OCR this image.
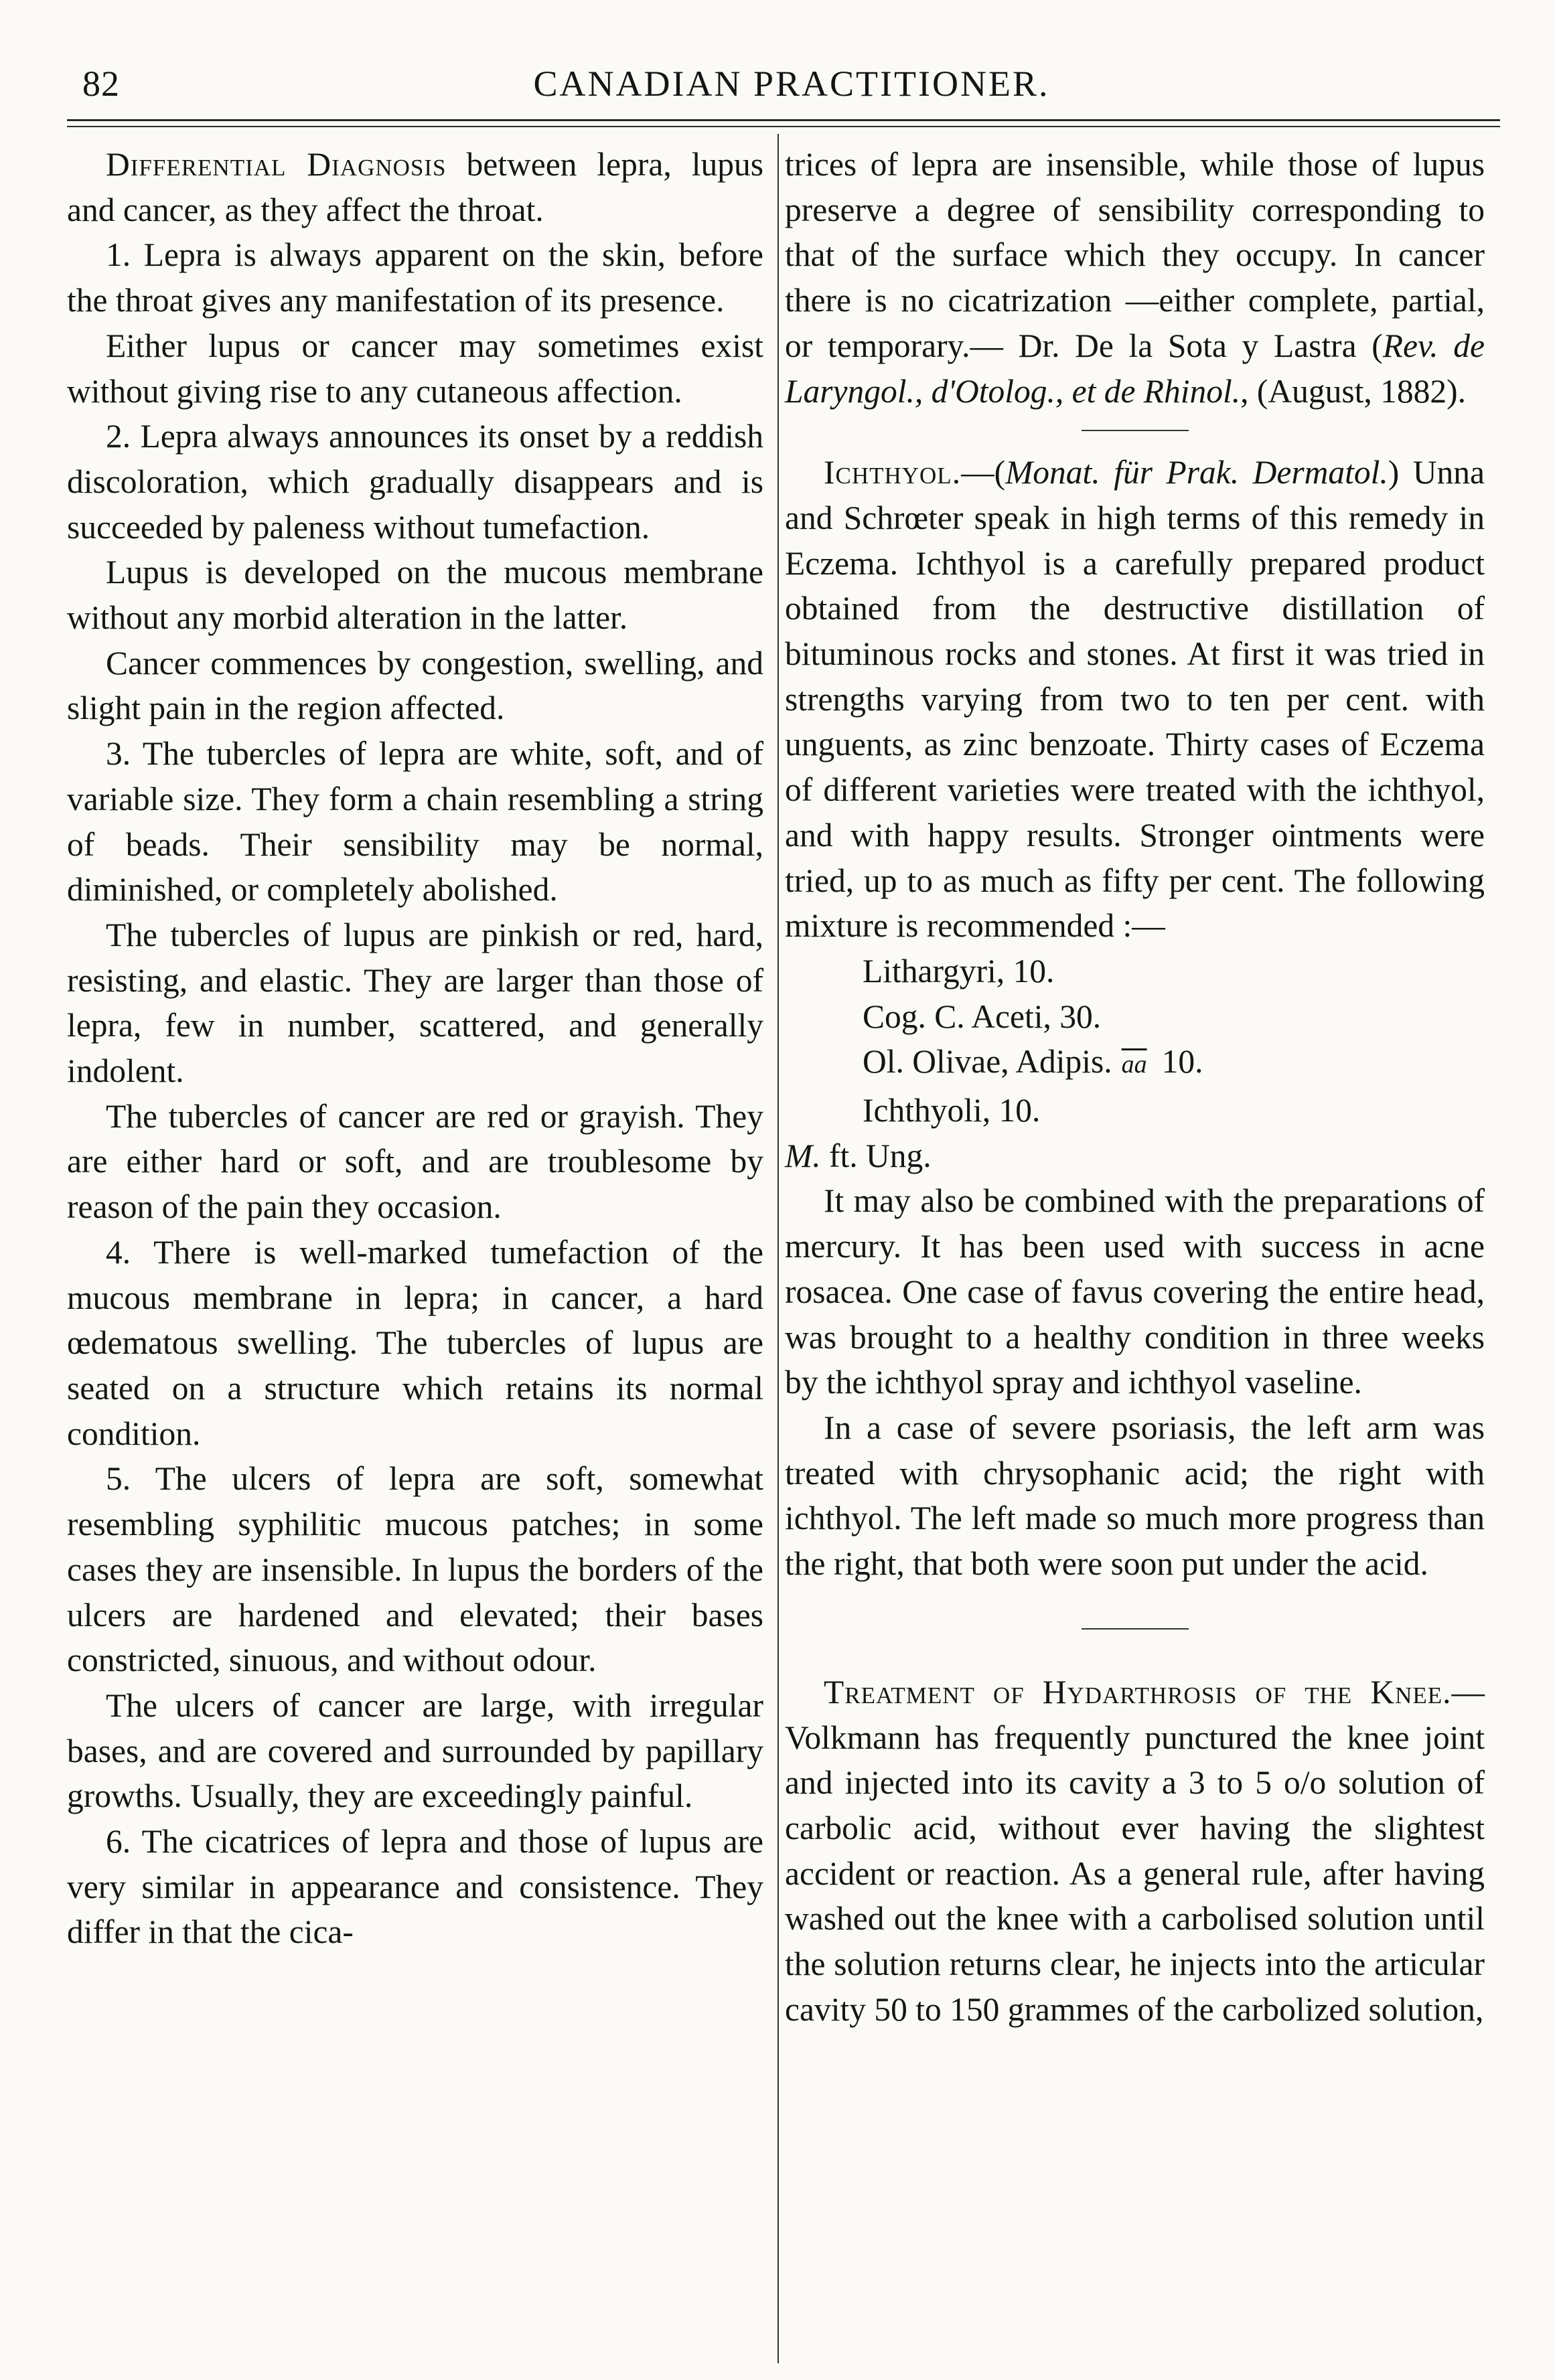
82	CANADIAN PRACTITIONER.

Differential Diagnosis between lepra, lupus and cancer, as they affect the throat.

1. Lepra is always apparent on the skin, before the throat gives any manifestation of its presence.

Either lupus or cancer may sometimes exist without giving rise to any cutaneous affection.

2. Lepra always announces its onset by a reddish discoloration, which gradually disappears and is succeeded by paleness without tumefaction.

Lupus is developed on the mucous membrane without any morbid alteration in the latter.

Cancer commences by congestion, swelling, and slight pain in the region affected.

3. The tubercles of lepra are white, soft, and of variable size. They form a chain resembling a string of beads. Their sensibility may be normal, diminished, or completely abolished.

The tubercles of lupus are pinkish or red, hard, resisting, and elastic. They are larger than those of lepra, few in number, scattered, and generally indolent.

The tubercles of cancer are red or grayish. They are either hard or soft, and are troublesome by reason of the pain they occasion.

4. There is well-marked tumefaction of the mucous membrane in lepra; in cancer, a hard œdematous swelling. The tubercles of lupus are seated on a structure which retains its normal condition.

5. The ulcers of lepra are soft, somewhat resembling syphilitic mucous patches; in some cases they are insensible. In lupus the borders of the ulcers are hardened and elevated; their bases constricted, sinuous, and without odour.

The ulcers of cancer are large, with irregular bases, and are covered and surrounded by papillary growths. Usually, they are exceedingly painful.

6. The cicatrices of lepra and those of lupus are very similar in appearance and consistence. They differ in that the cica-

trices of lepra are insensible, while those of lupus preserve a degree of sensibility corresponding to that of the surface which they occupy. In cancer there is no cicatrization —either complete, partial, or temporary.— Dr. De la Sota y Lastra (Rev. de Laryngol., d'Otolog., et de Rhinol., (August, 1882).

Ichthyol.—(Monat. für Prak. Dermatol.) Unna and Schrœter speak in high terms of this remedy in Eczema. Ichthyol is a carefully prepared product obtained from the destructive distillation of bituminous rocks and stones. At first it was tried in strengths varying from two to ten per cent. with unguents, as zinc benzoate. Thirty cases of Eczema of different varieties were treated with the ichthyol, and with happy results. Stronger ointments were tried, up to as much as fifty per cent. The following mixture is recommended :—

Lithargyri, 10.

Cog. C. Aceti, 30.

Ol. Olivae, Adipis. $\overline{aa}$ 10.

Ichthyoli, 10.

M. ft. Ung.

It may also be combined with the preparations of mercury. It has been used with success in acne rosacea. One case of favus covering the entire head, was brought to a healthy condition in three weeks by the ichthyol spray and ichthyol vaseline.

In a case of severe psoriasis, the left arm was treated with chrysophanic acid; the right with ichthyol. The left made so much more progress than the right, that both were soon put under the acid.

Treatment of Hydarthrosis of the Knee.—Volkmann has frequently punctured the knee joint and injected into its cavity a 3 to 5 o/o solution of carbolic acid, without ever having the slightest accident or reaction. As a general rule, after having washed out the knee with a carbolised solution until the solution returns clear, he injects into the articular cavity 50 to 150 grammes of the carbolized solution,
